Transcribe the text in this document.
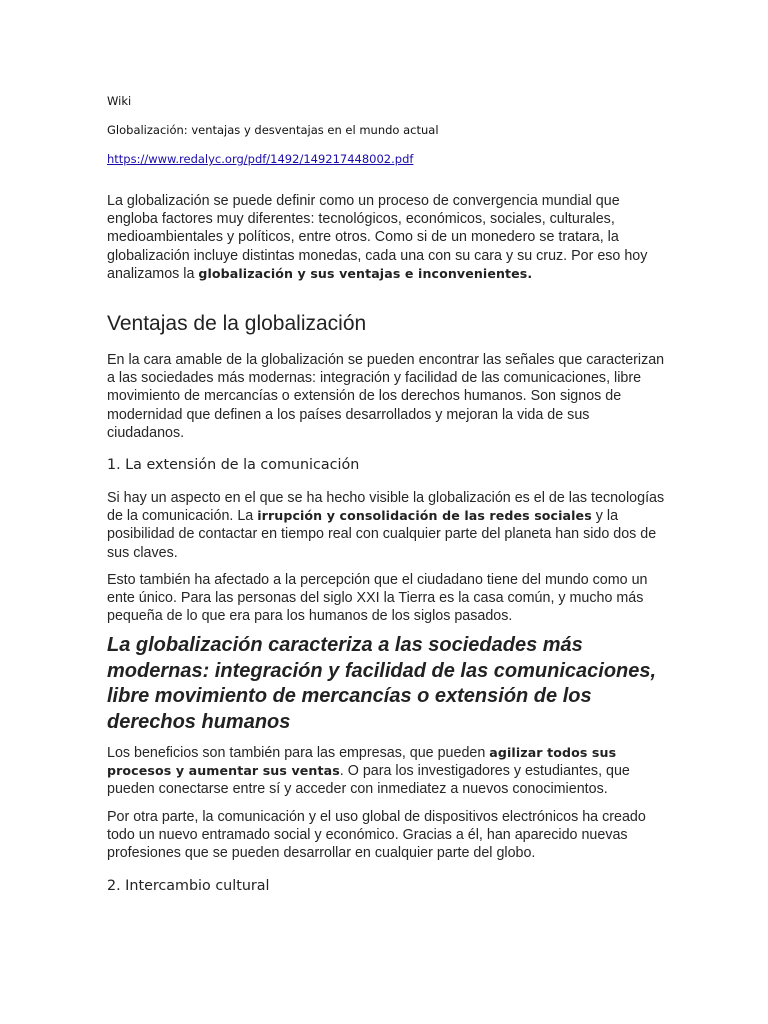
Wiki
Globalización: ventajas y desventajas en el mundo actual
https://www.redalyc.org/pdf/1492/149217448002.pdf

La globalización se puede definir como un proceso de convergencia mundial que engloba factores muy diferentes: tecnológicos, económicos, sociales, culturales, medioambientales y políticos, entre otros. Como si de un monedero se tratara, la globalización incluye distintas monedas, cada una con su cara y su cruz. Por eso hoy analizamos la globalización y sus ventajas e inconvenientes.

Ventajas de la globalización

En la cara amable de la globalización se pueden encontrar las señales que caracterizan a las sociedades más modernas: integración y facilidad de las comunicaciones, libre movimiento de mercancías o extensión de los derechos humanos. Son signos de modernidad que definen a los países desarrollados y mejoran la vida de sus ciudadanos.

1. La extensión de la comunicación

Si hay un aspecto en el que se ha hecho visible la globalización es el de las tecnologías de la comunicación. La irrupción y consolidación de las redes sociales y la posibilidad de contactar en tiempo real con cualquier parte del planeta han sido dos de sus claves.

Esto también ha afectado a la percepción que el ciudadano tiene del mundo como un ente único. Para las personas del siglo XXI la Tierra es la casa común, y mucho más pequeña de lo que era para los humanos de los siglos pasados.

La globalización caracteriza a las sociedades más modernas: integración y facilidad de las comunicaciones, libre movimiento de mercancías o extensión de los derechos humanos

Los beneficios son también para las empresas, que pueden agilizar todos sus procesos y aumentar sus ventas. O para los investigadores y estudiantes, que pueden conectarse entre sí y acceder con inmediatez a nuevos conocimientos.

Por otra parte, la comunicación y el uso global de dispositivos electrónicos ha creado todo un nuevo entramado social y económico. Gracias a él, han aparecido nuevas profesiones que se pueden desarrollar en cualquier parte del globo.

2. Intercambio cultural
